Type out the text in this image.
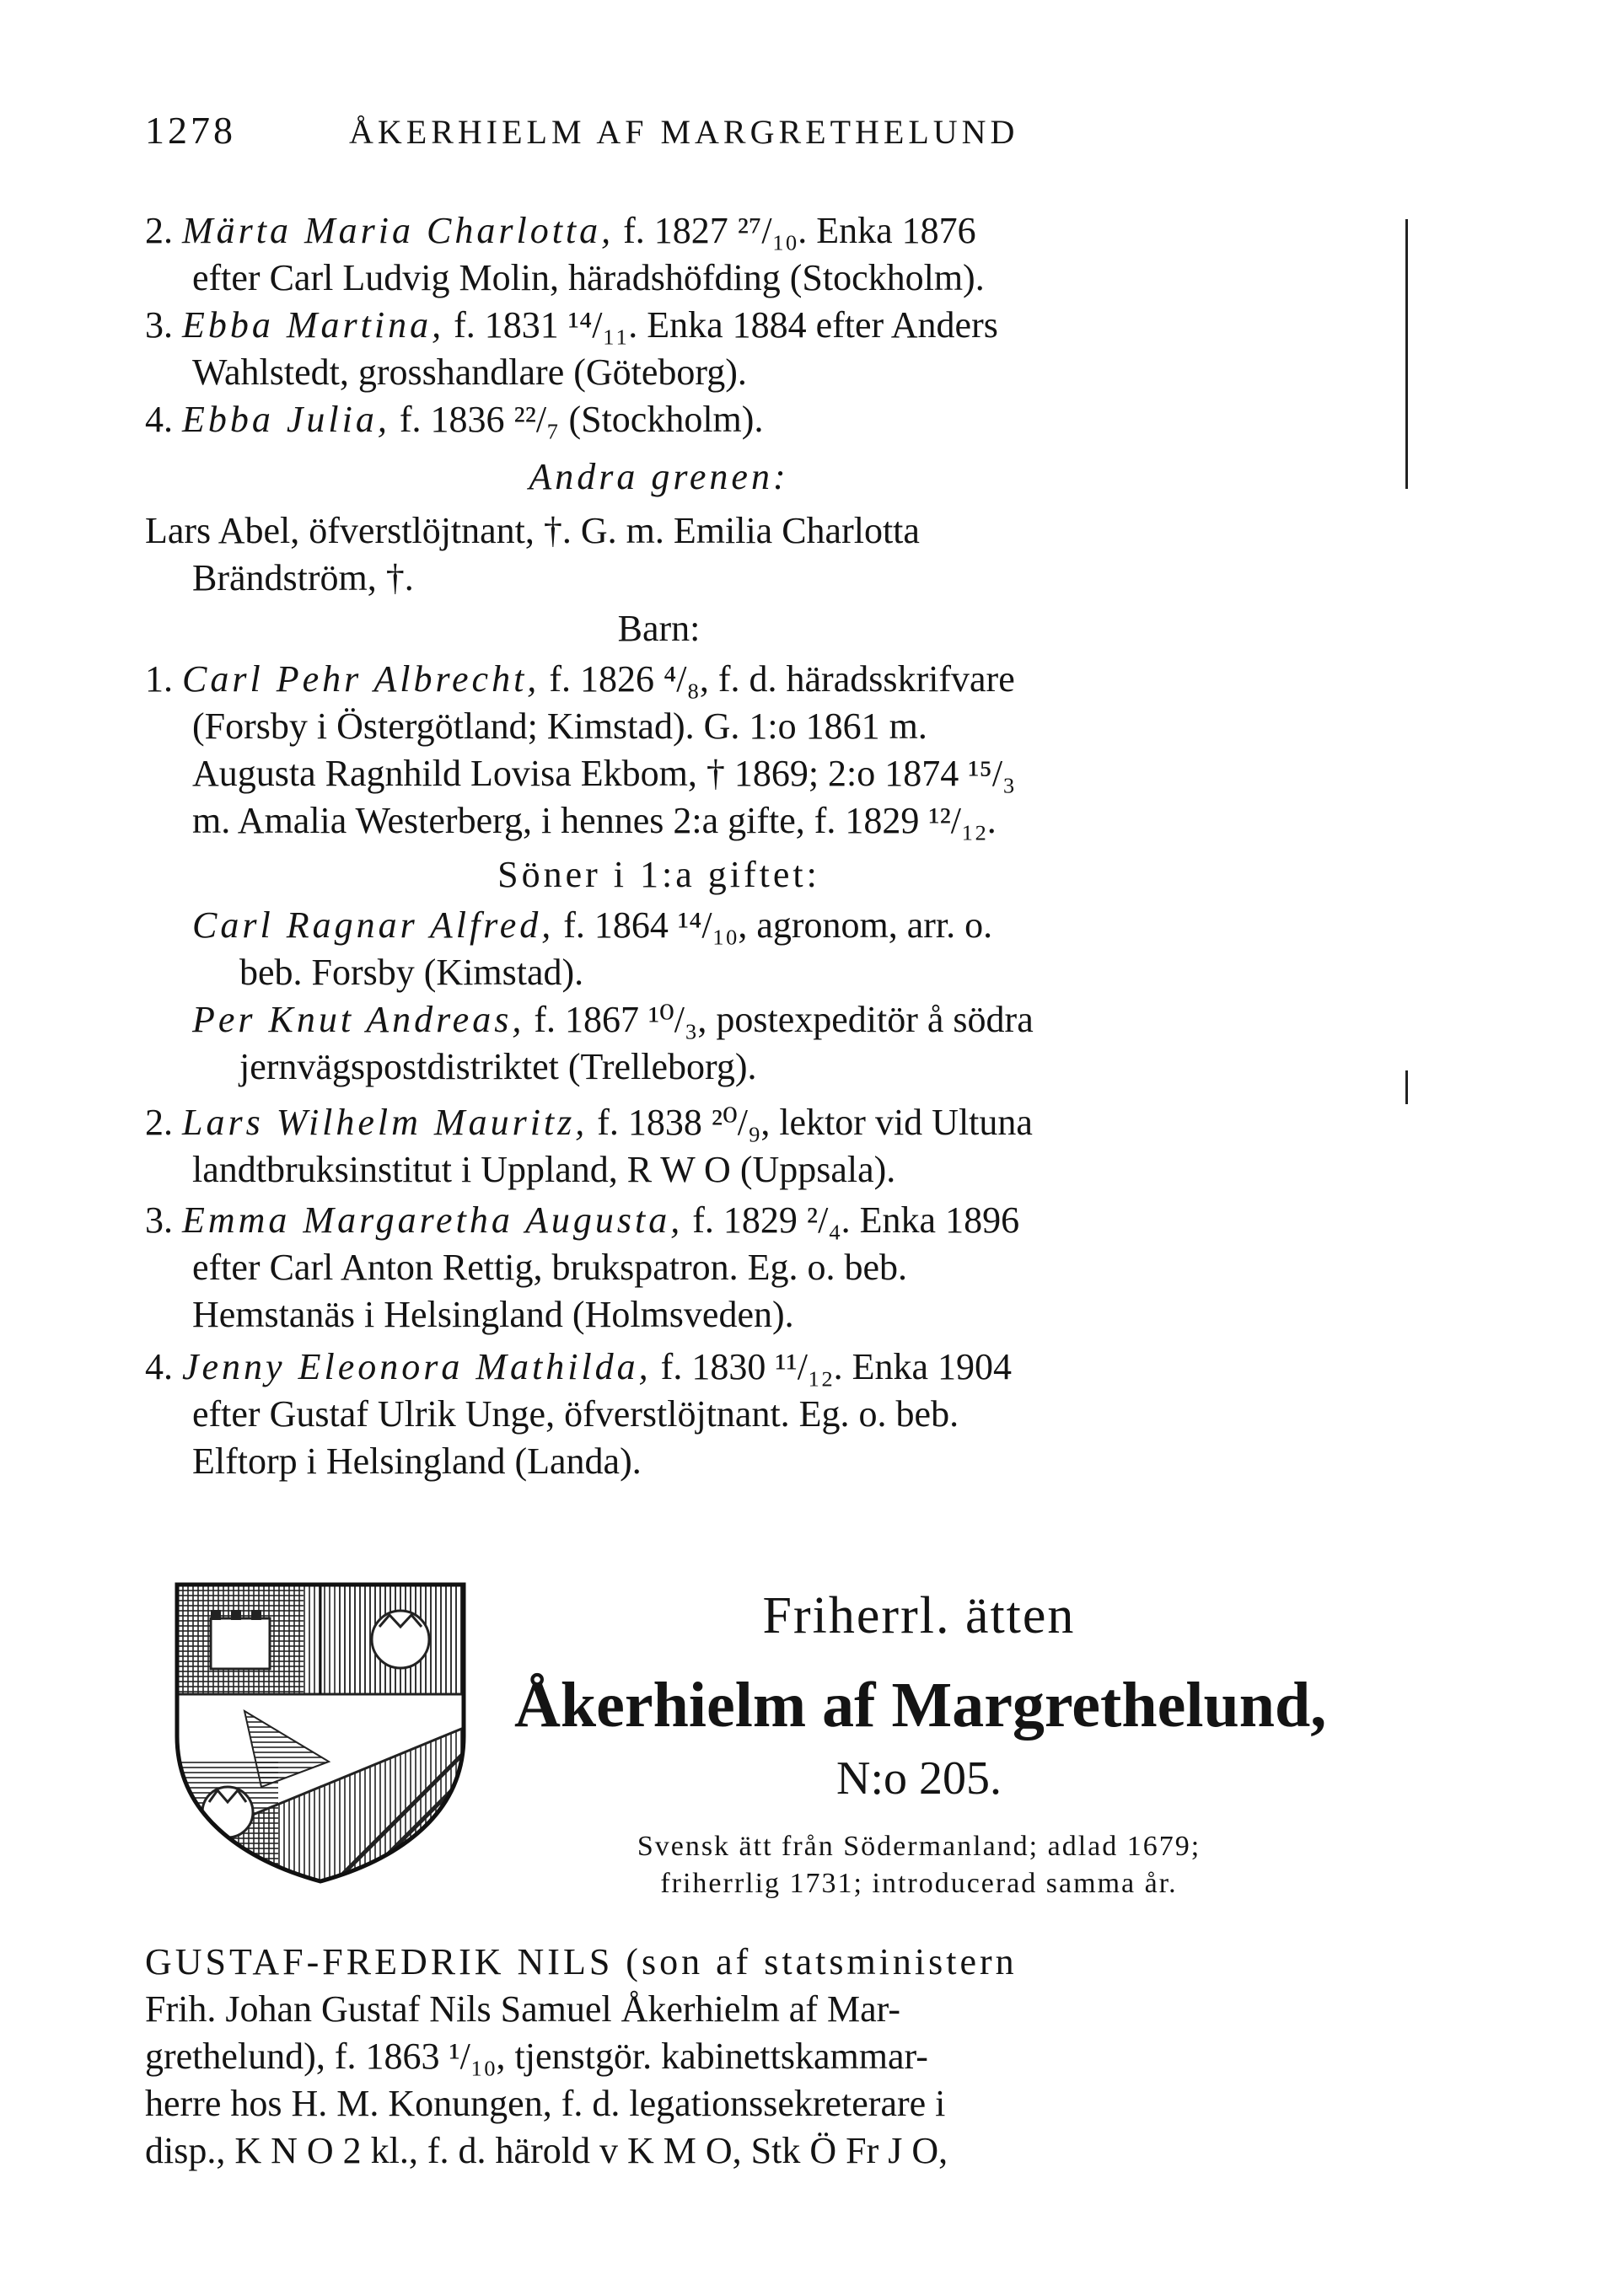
1278	ÅKERHIELM AF MARGRETHELUND
2. Märta Maria Charlotta, f. 1827 ²⁷/₁₀. Enka 1876
efter Carl Ludvig Molin, häradshöfding (Stockholm).
3. Ebba Martina, f. 1831 ¹⁴/₁₁. Enka 1884 efter Anders
Wahlstedt, grosshandlare (Göteborg).
4. Ebba Julia, f. 1836 ²²/₇ (Stockholm).
Andra grenen:
Lars Abel, öfverstlöjtnant, †. G. m. Emilia Charlotta
Brändström, †.
Barn:
1. Carl Pehr Albrecht, f. 1826 ⁴/₈, f. d. häradsskrifvare
(Forsby i Östergötland; Kimstad). G. 1:o 1861 m.
Augusta Ragnhild Lovisa Ekbom, † 1869; 2:o 1874 ¹⁵/₃
m. Amalia Westerberg, i hennes 2:a gifte, f. 1829 ¹²/₁₂.
Söner i 1:a giftet:
Carl Ragnar Alfred, f. 1864 ¹⁴/₁₀, agronom, arr. o.
beb. Forsby (Kimstad).
Per Knut Andreas, f. 1867 ¹⁰/₃, postexpeditör å södra
jernvägspostdistriktet (Trelleborg).
2. Lars Wilhelm Mauritz, f. 1838 ²⁰/₉, lektor vid Ultuna
landtbruksinstitut i Uppland, R W O (Uppsala).
3. Emma Margaretha Augusta, f. 1829 ²/₄. Enka 1896
efter Carl Anton Rettig, brukspatron. Eg. o. beb.
Hemstanäs i Helsingland (Holmsveden).
4. Jenny Eleonora Mathilda, f. 1830 ¹¹/₁₂. Enka 1904
efter Gustaf Ulrik Unge, öfverstlöjtnant. Eg. o. beb.
Elftorp i Helsingland (Landa).
Friherrl. ätten
Åkerhielm af Margrethelund,
N:o 205.
Svensk ätt från Södermanland; adlad 1679;
friherrlig 1731; introducerad samma år.
GUSTAF-FREDRIK NILS (son af statsministern
Frih. Johan Gustaf Nils Samuel Åkerhielm af Mar-
grethelund), f. 1863 ¹/₁₀, tjenstgör. kabinettskammar-
herre hos H. M. Konungen, f. d. legationssekreterare i
disp., K N O 2 kl., f. d. härold v K M O, Stk Ö Fr J O,
